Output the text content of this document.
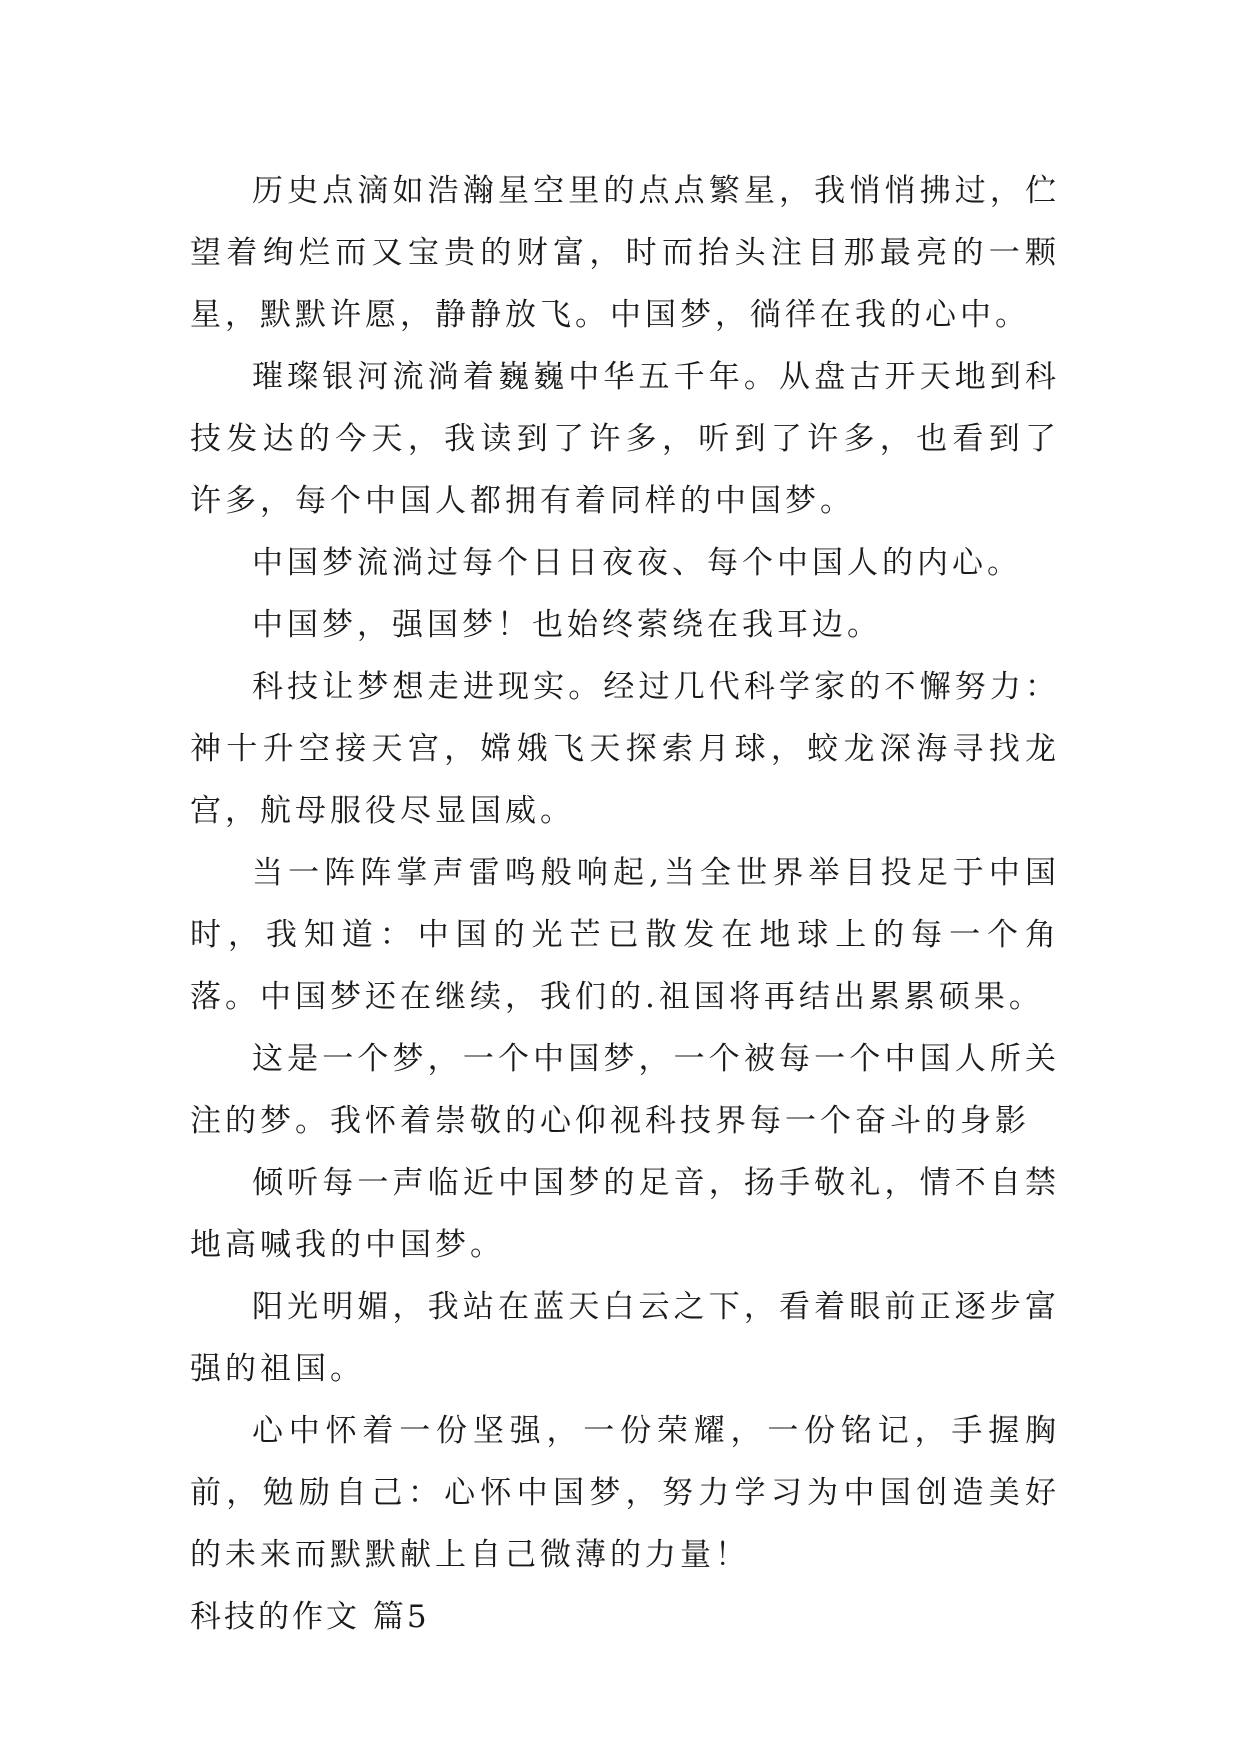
历史点滴如浩瀚星空里的点点繁星，我悄悄拂过，伫望着绚烂而又宝贵的财富，时而抬头注目那最亮的一颗星，默默许愿，静静放飞。中国梦，徜徉在我的心中。

璀璨银河流淌着巍巍中华五千年。从盘古开天地到科技发达的今天，我读到了许多，听到了许多，也看到了许多，每个中国人都拥有着同样的中国梦。

中国梦流淌过每个日日夜夜、每个中国人的内心。

中国梦，强国梦！也始终萦绕在我耳边。

科技让梦想走进现实。经过几代科学家的不懈努力：神十升空接天宫，嫦娥飞天探索月球，蛟龙深海寻找龙宫，航母服役尽显国威。

当一阵阵掌声雷鸣般响起,当全世界举目投足于中国时，我知道：中国的光芒已散发在地球上的每一个角落。中国梦还在继续，我们的.祖国将再结出累累硕果。

这是一个梦，一个中国梦，一个被每一个中国人所关注的梦。我怀着崇敬的心仰视科技界每一个奋斗的身影

倾听每一声临近中国梦的足音，扬手敬礼，情不自禁地高喊我的中国梦。

阳光明媚，我站在蓝天白云之下，看着眼前正逐步富强的祖国。

心中怀着一份坚强，一份荣耀，一份铭记，手握胸前，勉励自己：心怀中国梦，努力学习为中国创造美好的未来而默默献上自己微薄的力量！

科技的作文 篇5
